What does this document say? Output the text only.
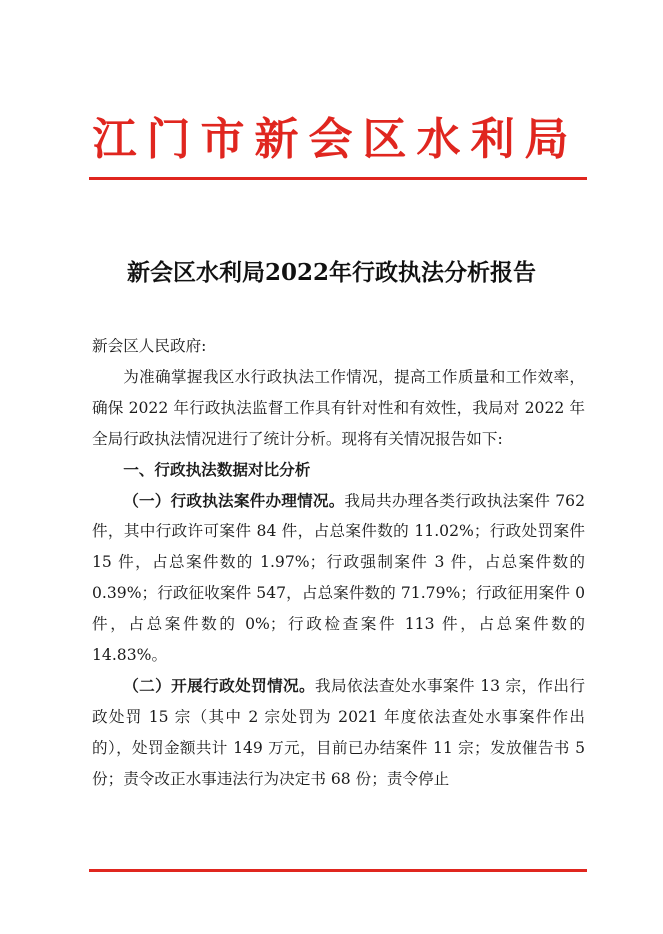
江门市新会区水利局
新会区水利局2022年行政执法分析报告

新会区人民政府:

为准确掌握我区水行政执法工作情况，提高工作质量和工作效率，确保 2022 年行政执法监督工作具有针对性和有效性，我局对 2022 年全局行政执法情况进行了统计分析。现将有关情况报告如下:

一、行政执法数据对比分析

（一）行政执法案件办理情况。我局共办理各类行政执法案件 762 件，其中行政许可案件 84 件，占总案件数的 11.02%；行政处罚案件 15 件，占总案件数的 1.97%；行政强制案件 3 件，占总案件数的 0.39%；行政征收案件 547，占总案件数的 71.79%；行政征用案件 0 件，占总案件数的 0%；行政检查案件 113 件，占总案件数的 14.83%。

（二）开展行政处罚情况。我局依法查处水事案件 13 宗，作出行政处罚 15 宗（其中 2 宗处罚为 2021 年度依法查处水事案件作出的），处罚金额共计 149 万元，目前已办结案件 11 宗；发放催告书 5 份；责令改正水事违法行为决定书 68 份；责令停止
